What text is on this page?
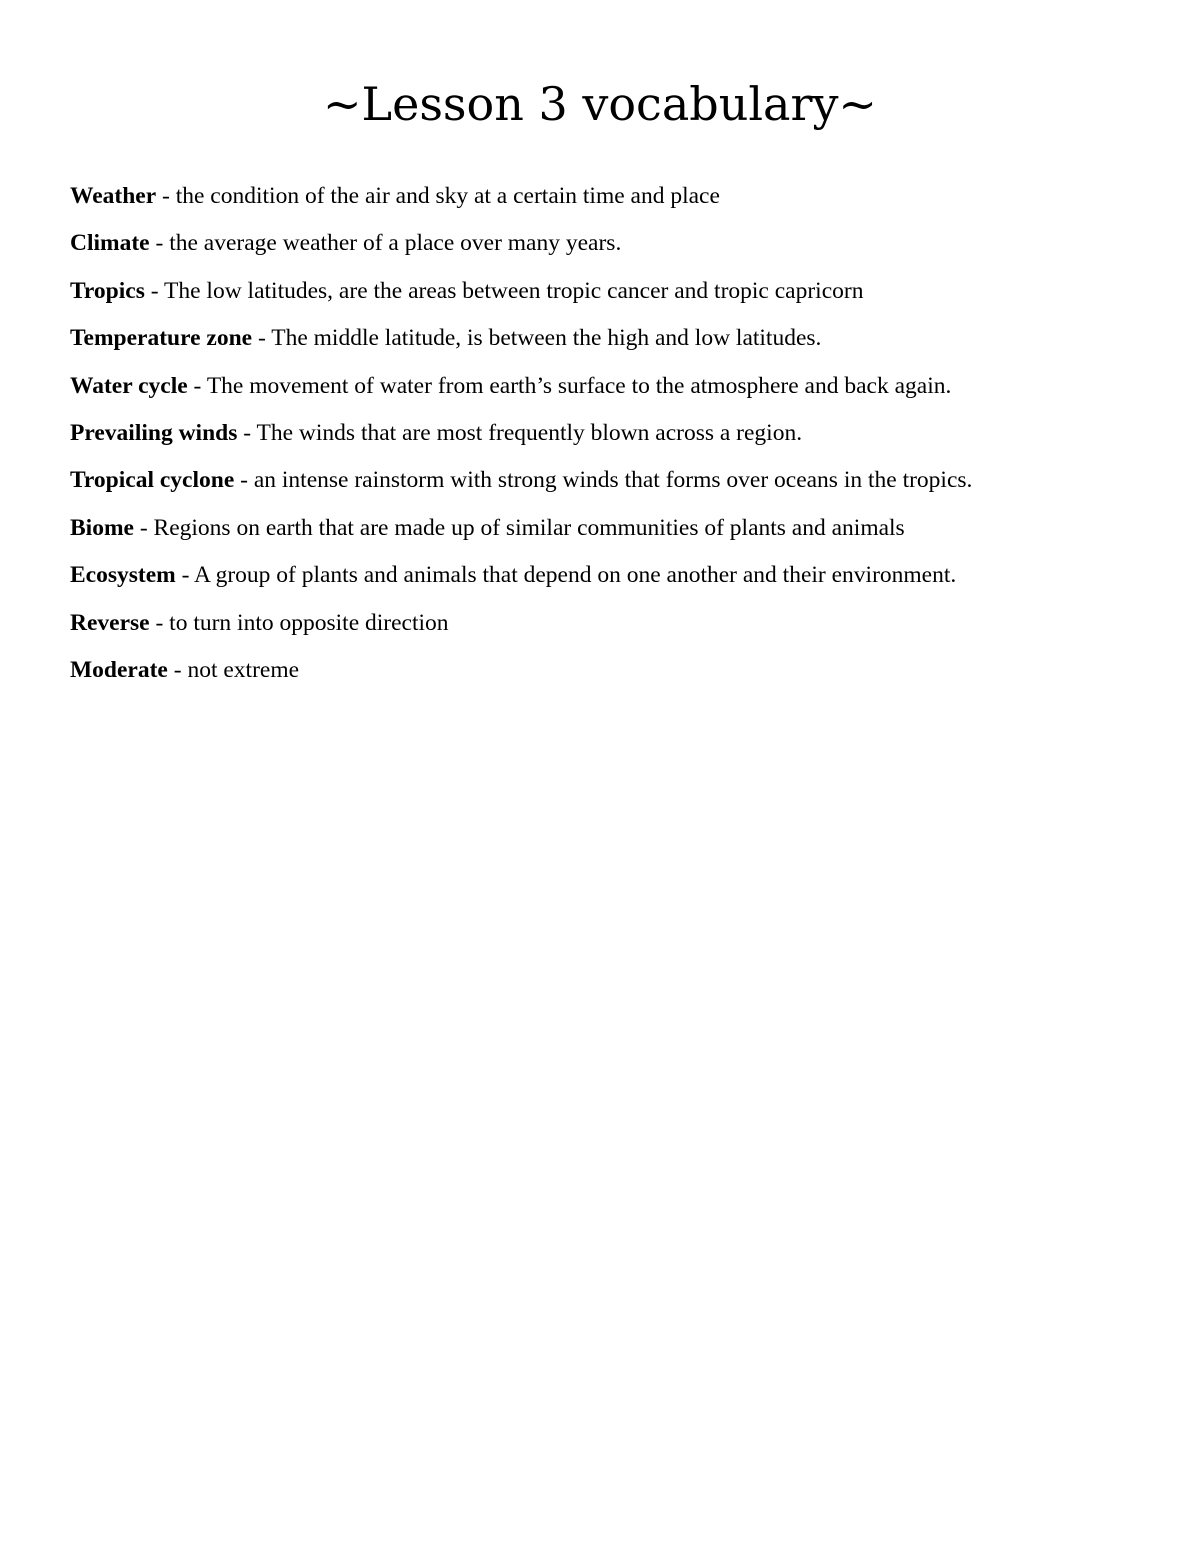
~Lesson 3 vocabulary~
Weather - the condition of the air and sky at a certain time and place
Climate - the average weather of a place over many years.
Tropics - The low latitudes, are the areas between tropic cancer and tropic capricorn
Temperature zone - The middle latitude, is between the high and low latitudes.
Water cycle - The movement of water from earth’s surface to the atmosphere and back again.
Prevailing winds - The winds that are most frequently blown across a region.
Tropical cyclone - an intense rainstorm with strong winds that forms over oceans in the tropics.
Biome - Regions on earth that are made up of similar communities of plants and animals
Ecosystem - A group of plants and animals that depend on one another and their environment.
Reverse - to turn into opposite direction
Moderate - not extreme
